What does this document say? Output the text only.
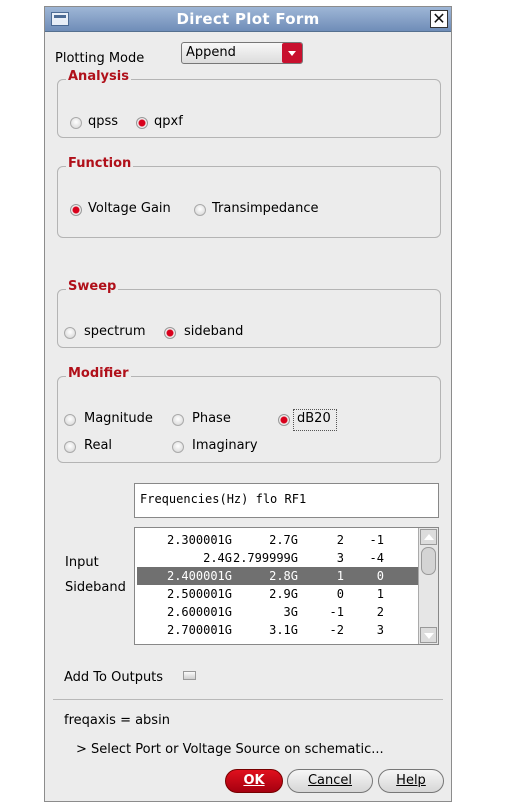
Direct Plot Form	✕
Plotting Mode	Append
Analysis
qpss	qpxf
Function
Voltage Gain	Transimpedance
Sweep
spectrum	sideband
Modifier
Magnitude	Phase	dB20
Real	Imaginary
Frequencies(Hz) flo RF1
Input
Sideband
2.300001G	2.7G	2 -1
2.4G 2.799999G	3 -4
2.400001G	2.8G	1	0
2.500001G	2.9G	0	1
2.600001G	3G	-1	2
2.700001G	3.1G	-2	3
Add To Outputs
freqaxis = absin
> Select Port or Voltage Source on schematic...
OK	Cancel	Help
